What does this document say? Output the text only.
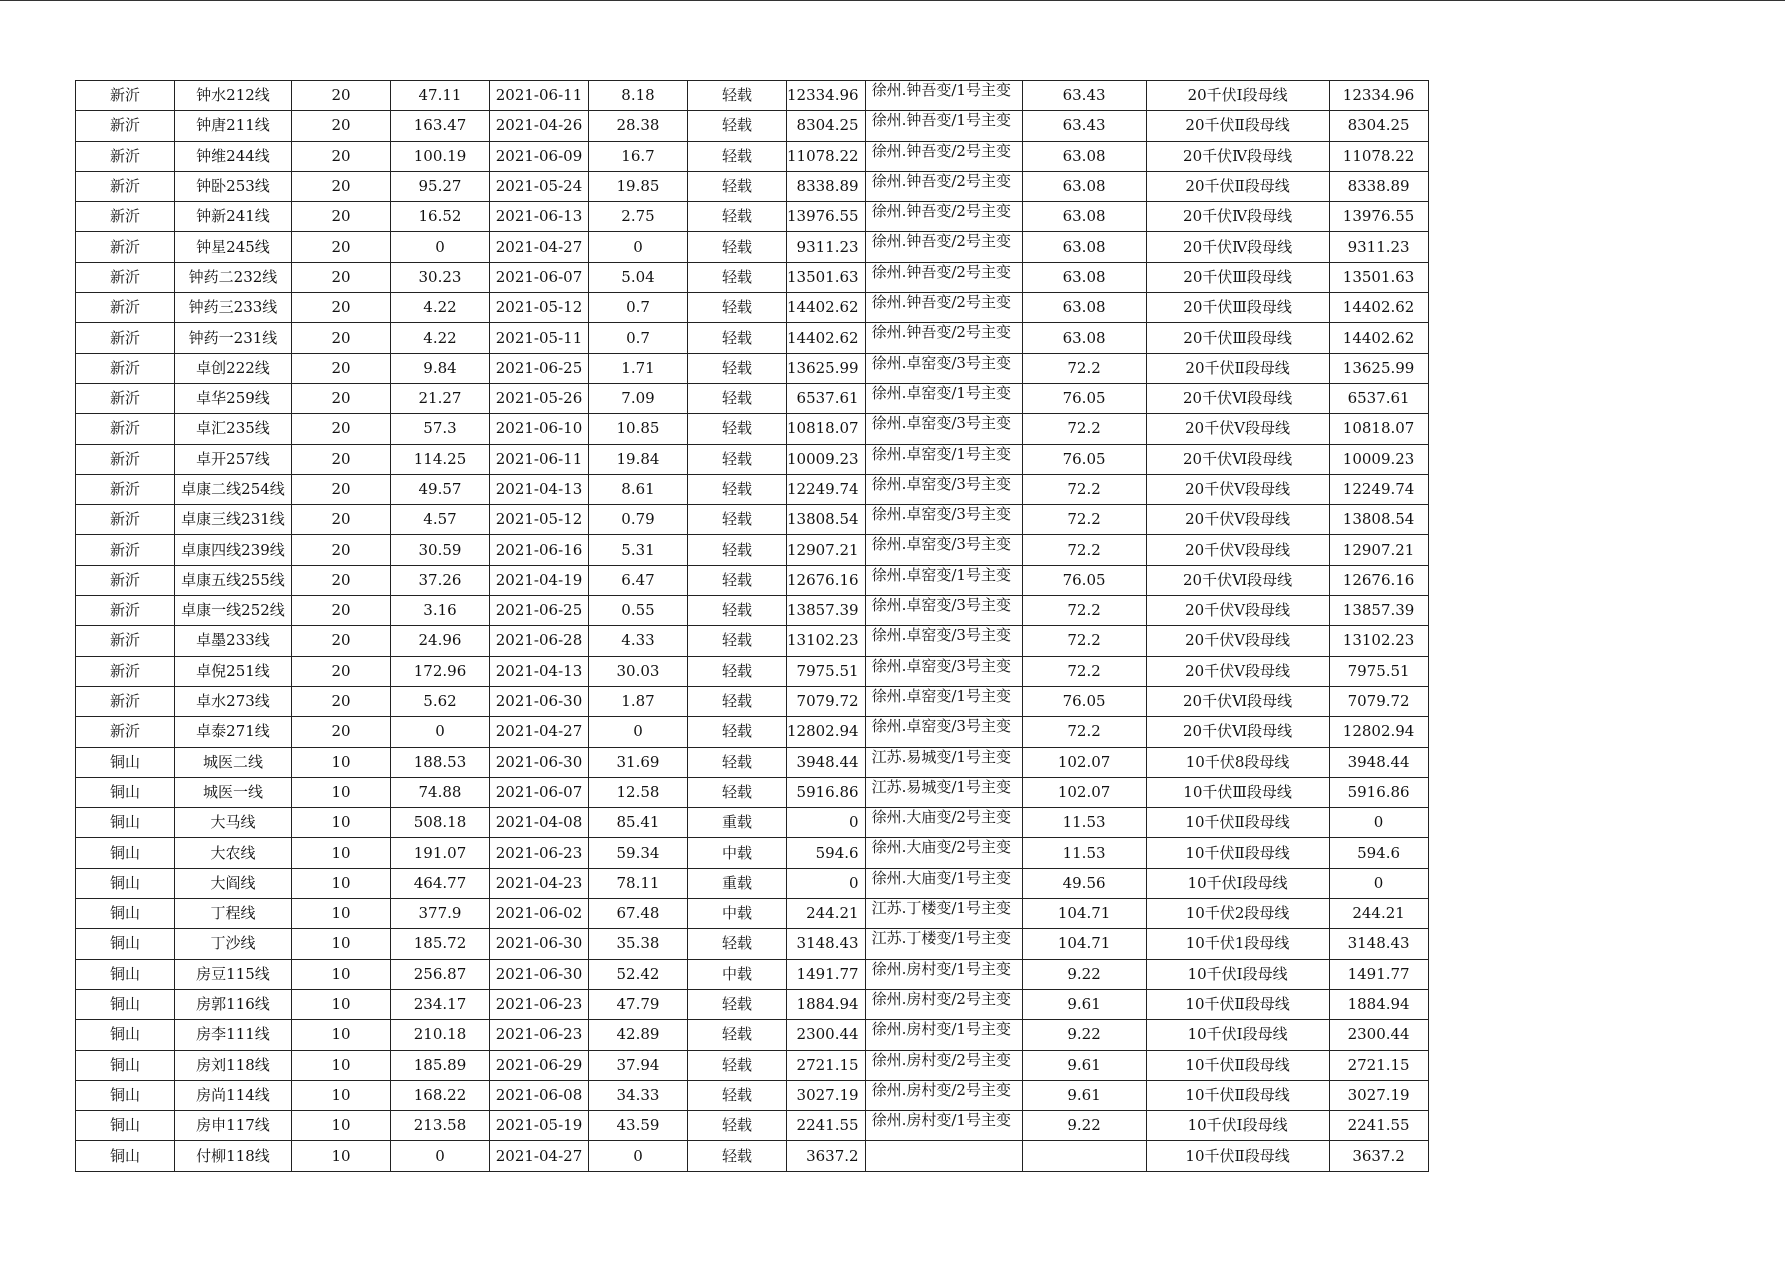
新沂	钟水212线	20	47.11	2021-06-11	8.18	轻载	12334.96	徐州.钟吾变/1号主变	63.43	20千伏Ⅰ段母线	12334.96
新沂	钟唐211线	20	163.47	2021-04-26	28.38	轻载	8304.25	徐州.钟吾变/1号主变	63.43	20千伏Ⅱ段母线	8304.25
新沂	钟维244线	20	100.19	2021-06-09	16.7	轻载	11078.22	徐州.钟吾变/2号主变	63.08	20千伏Ⅳ段母线	11078.22
新沂	钟卧253线	20	95.27	2021-05-24	19.85	轻载	8338.89	徐州.钟吾变/2号主变	63.08	20千伏Ⅱ段母线	8338.89
新沂	钟新241线	20	16.52	2021-06-13	2.75	轻载	13976.55	徐州.钟吾变/2号主变	63.08	20千伏Ⅳ段母线	13976.55
新沂	钟星245线	20	0	2021-04-27	0	轻载	9311.23	徐州.钟吾变/2号主变	63.08	20千伏Ⅳ段母线	9311.23
新沂	钟药二232线	20	30.23	2021-06-07	5.04	轻载	13501.63	徐州.钟吾变/2号主变	63.08	20千伏Ⅲ段母线	13501.63
新沂	钟药三233线	20	4.22	2021-05-12	0.7	轻载	14402.62	徐州.钟吾变/2号主变	63.08	20千伏Ⅲ段母线	14402.62
新沂	钟药一231线	20	4.22	2021-05-11	0.7	轻载	14402.62	徐州.钟吾变/2号主变	63.08	20千伏Ⅲ段母线	14402.62
新沂	卓创222线	20	9.84	2021-06-25	1.71	轻载	13625.99	徐州.卓窑变/3号主变	72.2	20千伏Ⅱ段母线	13625.99
新沂	卓华259线	20	21.27	2021-05-26	7.09	轻载	6537.61	徐州.卓窑变/1号主变	76.05	20千伏Ⅵ段母线	6537.61
新沂	卓汇235线	20	57.3	2021-06-10	10.85	轻载	10818.07	徐州.卓窑变/3号主变	72.2	20千伏Ⅴ段母线	10818.07
新沂	卓开257线	20	114.25	2021-06-11	19.84	轻载	10009.23	徐州.卓窑变/1号主变	76.05	20千伏Ⅵ段母线	10009.23
新沂	卓康二线254线	20	49.57	2021-04-13	8.61	轻载	12249.74	徐州.卓窑变/3号主变	72.2	20千伏Ⅴ段母线	12249.74
新沂	卓康三线231线	20	4.57	2021-05-12	0.79	轻载	13808.54	徐州.卓窑变/3号主变	72.2	20千伏Ⅴ段母线	13808.54
新沂	卓康四线239线	20	30.59	2021-06-16	5.31	轻载	12907.21	徐州.卓窑变/3号主变	72.2	20千伏Ⅴ段母线	12907.21
新沂	卓康五线255线	20	37.26	2021-04-19	6.47	轻载	12676.16	徐州.卓窑变/1号主变	76.05	20千伏Ⅵ段母线	12676.16
新沂	卓康一线252线	20	3.16	2021-06-25	0.55	轻载	13857.39	徐州.卓窑变/3号主变	72.2	20千伏Ⅴ段母线	13857.39
新沂	卓墨233线	20	24.96	2021-06-28	4.33	轻载	13102.23	徐州.卓窑变/3号主变	72.2	20千伏Ⅴ段母线	13102.23
新沂	卓倪251线	20	172.96	2021-04-13	30.03	轻载	7975.51	徐州.卓窑变/3号主变	72.2	20千伏Ⅴ段母线	7975.51
新沂	卓水273线	20	5.62	2021-06-30	1.87	轻载	7079.72	徐州.卓窑变/1号主变	76.05	20千伏Ⅵ段母线	7079.72
新沂	卓泰271线	20	0	2021-04-27	0	轻载	12802.94	徐州.卓窑变/3号主变	72.2	20千伏Ⅵ段母线	12802.94
铜山	城医二线	10	188.53	2021-06-30	31.69	轻载	3948.44	江苏.易城变/1号主变	102.07	10千伏8段母线	3948.44
铜山	城医一线	10	74.88	2021-06-07	12.58	轻载	5916.86	江苏.易城变/1号主变	102.07	10千伏Ⅲ段母线	5916.86
铜山	大马线	10	508.18	2021-04-08	85.41	重载	0	徐州.大庙变/2号主变	11.53	10千伏Ⅱ段母线	0
铜山	大农线	10	191.07	2021-06-23	59.34	中载	594.6	徐州.大庙变/2号主变	11.53	10千伏Ⅱ段母线	594.6
铜山	大阎线	10	464.77	2021-04-23	78.11	重载	0	徐州.大庙变/1号主变	49.56	10千伏Ⅰ段母线	0
铜山	丁程线	10	377.9	2021-06-02	67.48	中载	244.21	江苏.丁楼变/1号主变	104.71	10千伏2段母线	244.21
铜山	丁沙线	10	185.72	2021-06-30	35.38	轻载	3148.43	江苏.丁楼变/1号主变	104.71	10千伏1段母线	3148.43
铜山	房豆115线	10	256.87	2021-06-30	52.42	中载	1491.77	徐州.房村变/1号主变	9.22	10千伏Ⅰ段母线	1491.77
铜山	房郭116线	10	234.17	2021-06-23	47.79	轻载	1884.94	徐州.房村变/2号主变	9.61	10千伏Ⅱ段母线	1884.94
铜山	房李111线	10	210.18	2021-06-23	42.89	轻载	2300.44	徐州.房村变/1号主变	9.22	10千伏Ⅰ段母线	2300.44
铜山	房刘118线	10	185.89	2021-06-29	37.94	轻载	2721.15	徐州.房村变/2号主变	9.61	10千伏Ⅱ段母线	2721.15
铜山	房尚114线	10	168.22	2021-06-08	34.33	轻载	3027.19	徐州.房村变/2号主变	9.61	10千伏Ⅱ段母线	3027.19
铜山	房申117线	10	213.58	2021-05-19	43.59	轻载	2241.55	徐州.房村变/1号主变	9.22	10千伏Ⅰ段母线	2241.55
铜山	付柳118线	10	0	2021-04-27	0	轻载	3637.2			10千伏Ⅱ段母线	3637.2
